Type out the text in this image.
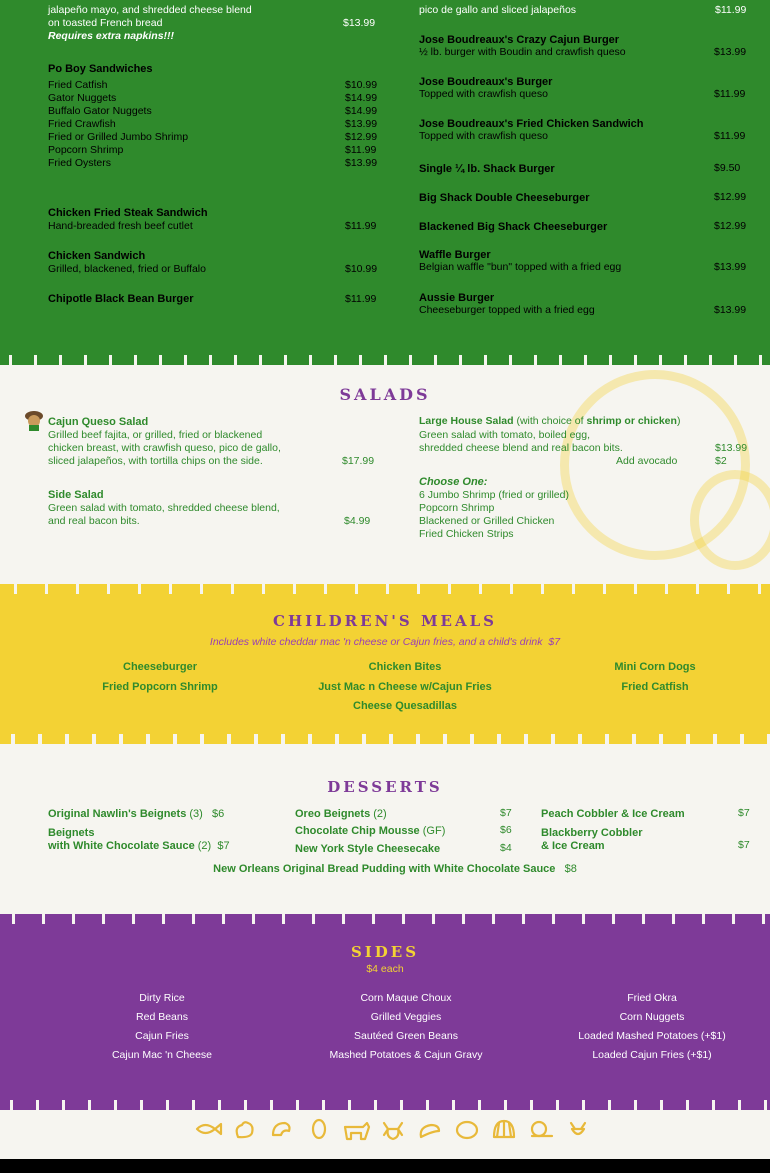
jalapeño mayo, and shredded cheese blend
on toasted French bread	$13.99
Requires extra napkins!!!
Po Boy Sandwiches
Fried Catfish	$10.99
Gator Nuggets	$14.99
Buffalo Gator Nuggets	$14.99
Fried Crawfish	$13.99
Fried or Grilled Jumbo Shrimp	$12.99
Popcorn Shrimp	$11.99
Fried Oysters	$13.99
Chicken Fried Steak Sandwich
Hand-breaded fresh beef cutlet	$11.99
Chicken Sandwich
Grilled, blackened, fried or Buffalo	$10.99
Chipotle Black Bean Burger	$11.99
pico de gallo and sliced jalapeños	$11.99
Jose Boudreaux's Crazy Cajun Burger
½ lb. burger with Boudin and crawfish queso	$13.99
Jose Boudreaux's Burger
Topped with crawfish queso	$11.99
Jose Boudreaux's Fried Chicken Sandwich
Topped with crawfish queso	$11.99
Single ¼ lb. Shack Burger	$9.50
Big Shack Double Cheeseburger	$12.99
Blackened Big Shack Cheeseburger	$12.99
Waffle Burger
Belgian waffle "bun" topped with a fried egg	$13.99
Aussie Burger
Cheeseburger topped with a fried egg	$13.99
SALADS
Cajun Queso Salad
Grilled beef fajita, or grilled, fried or blackened
chicken breast, with crawfish queso, pico de gallo,
sliced jalapeños, with tortilla chips on the side.	$17.99
Side Salad
Green salad with tomato, shredded cheese blend,
and real bacon bits.	$4.99
Large House Salad (with choice of shrimp or chicken)
Green salad with tomato, boiled egg,
shredded cheese blend and real bacon bits.	$13.99
Add avocado	$2
Choose One:
6 Jumbo Shrimp (fried or grilled)
Popcorn Shrimp
Blackened or Grilled Chicken
Fried Chicken Strips
CHILDREN'S MEALS
Includes white cheddar mac 'n cheese or Cajun fries, and a child's drink $7
Cheeseburger
Fried Popcorn Shrimp
Chicken Bites
Just Mac n Cheese w/Cajun Fries
Cheese Quesadillas
Mini Corn Dogs
Fried Catfish
DESSERTS
Original Nawlin's Beignets (3) $6
Beignets
with White Chocolate Sauce (2) $7
Oreo Beignets (2)	$7
Chocolate Chip Mousse (GF)	$6
New York Style Cheesecake	$4
Peach Cobbler & Ice Cream	$7
Blackberry Cobbler
& Ice Cream	$7
New Orleans Original Bread Pudding with White Chocolate Sauce $8
SIDES
$4 each
Dirty Rice
Red Beans
Cajun Fries
Cajun Mac 'n Cheese
Corn Maque Choux
Grilled Veggies
Sautéed Green Beans
Mashed Potatoes & Cajun Gravy
Fried Okra
Corn Nuggets
Loaded Mashed Potatoes (+$1)
Loaded Cajun Fries (+$1)
